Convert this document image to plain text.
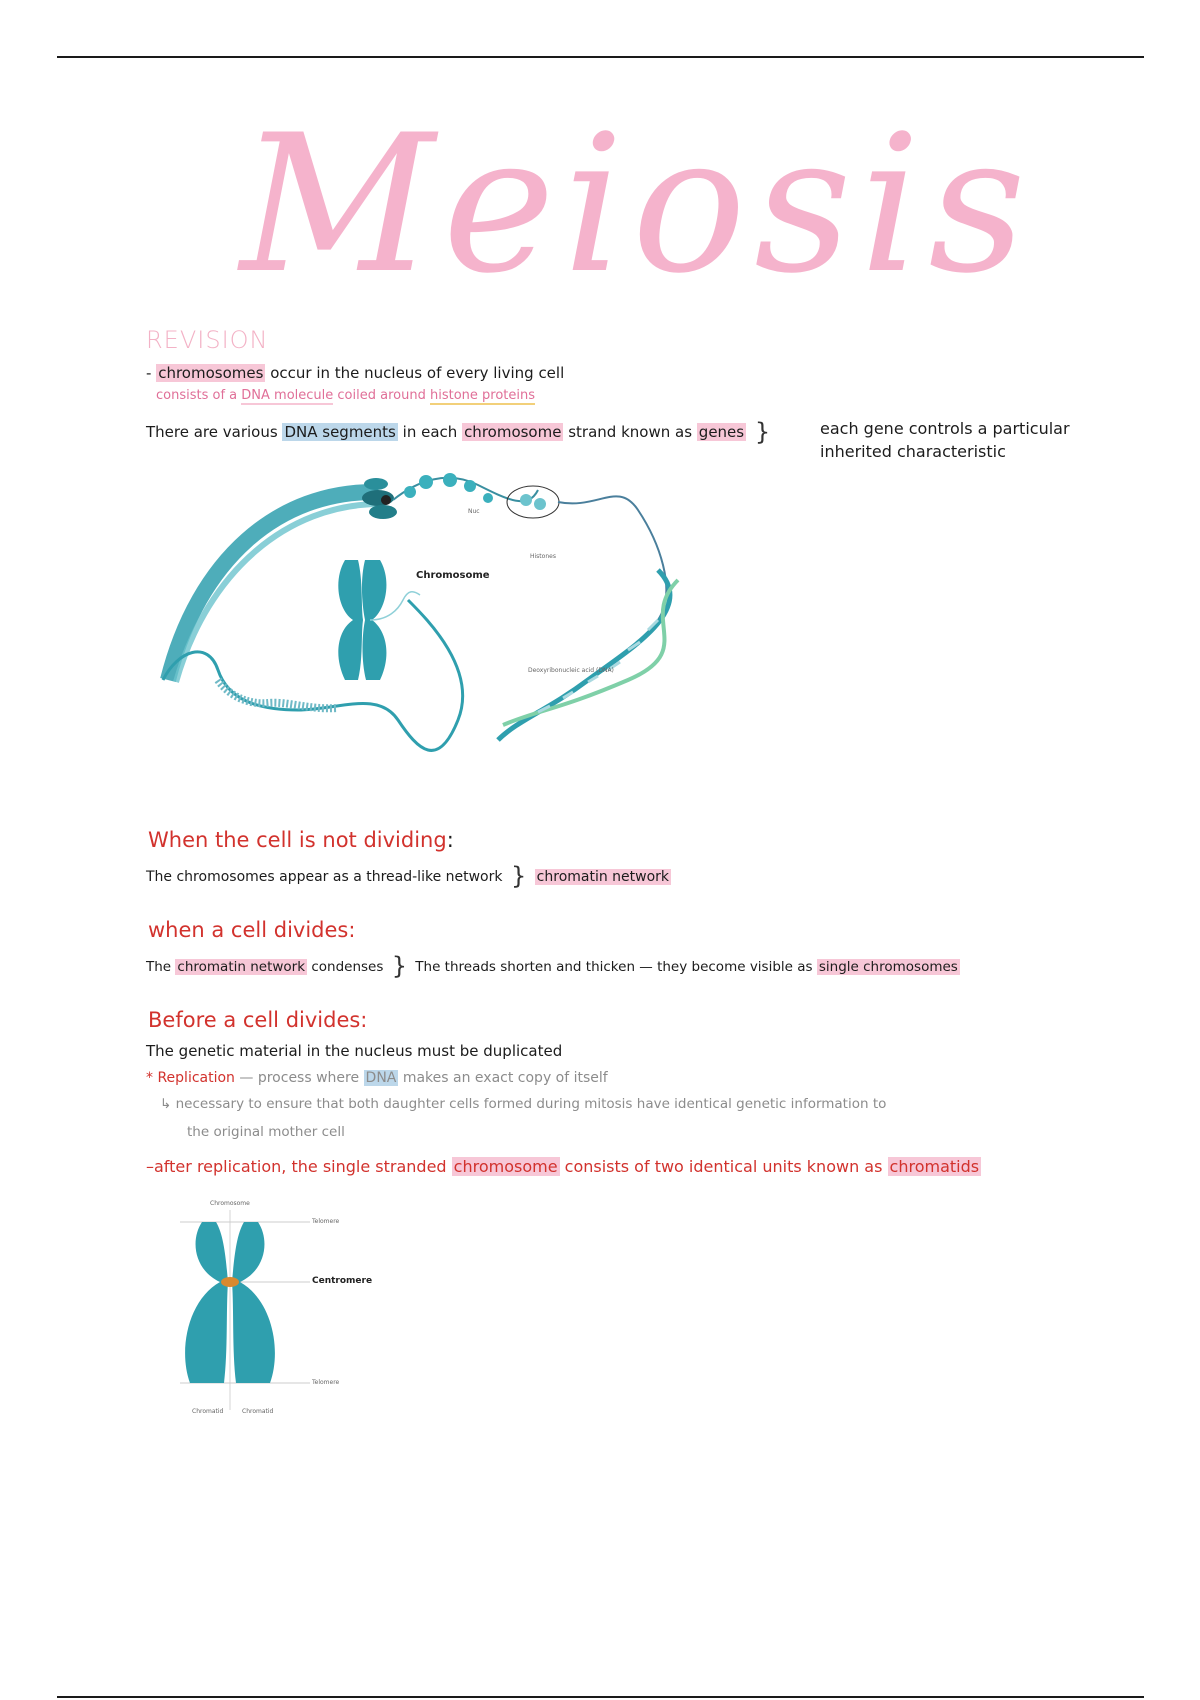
Meiosis
REVISION
- chromosomes occur in the nucleus of every living cell
consists of a DNA molecule coiled around histone proteins
There are various DNA segments in each chromosome strand known as genes }	each gene controls a particular
inherited characteristic
Chromosome
Nuc
Histones
Deoxyribonucleic acid (DNA)
When the cell is not dividing:
The chromosomes appear as a thread-like network } chromatin network
when a cell divides:
The chromatin network condenses } The threads shorten and thicken — they become visible as single chromosomes
Before a cell divides:
The genetic material in the nucleus must be duplicated
* Replication — process where DNA makes an exact copy of itself
↳ necessary to ensure that both daughter cells formed during mitosis have identical genetic information to
the original mother cell
–after replication, the single stranded chromosome consists of two identical units known as chromatids
Chromosome
Telomere
Centromere
Telomere
Chromatid	Chromatid
